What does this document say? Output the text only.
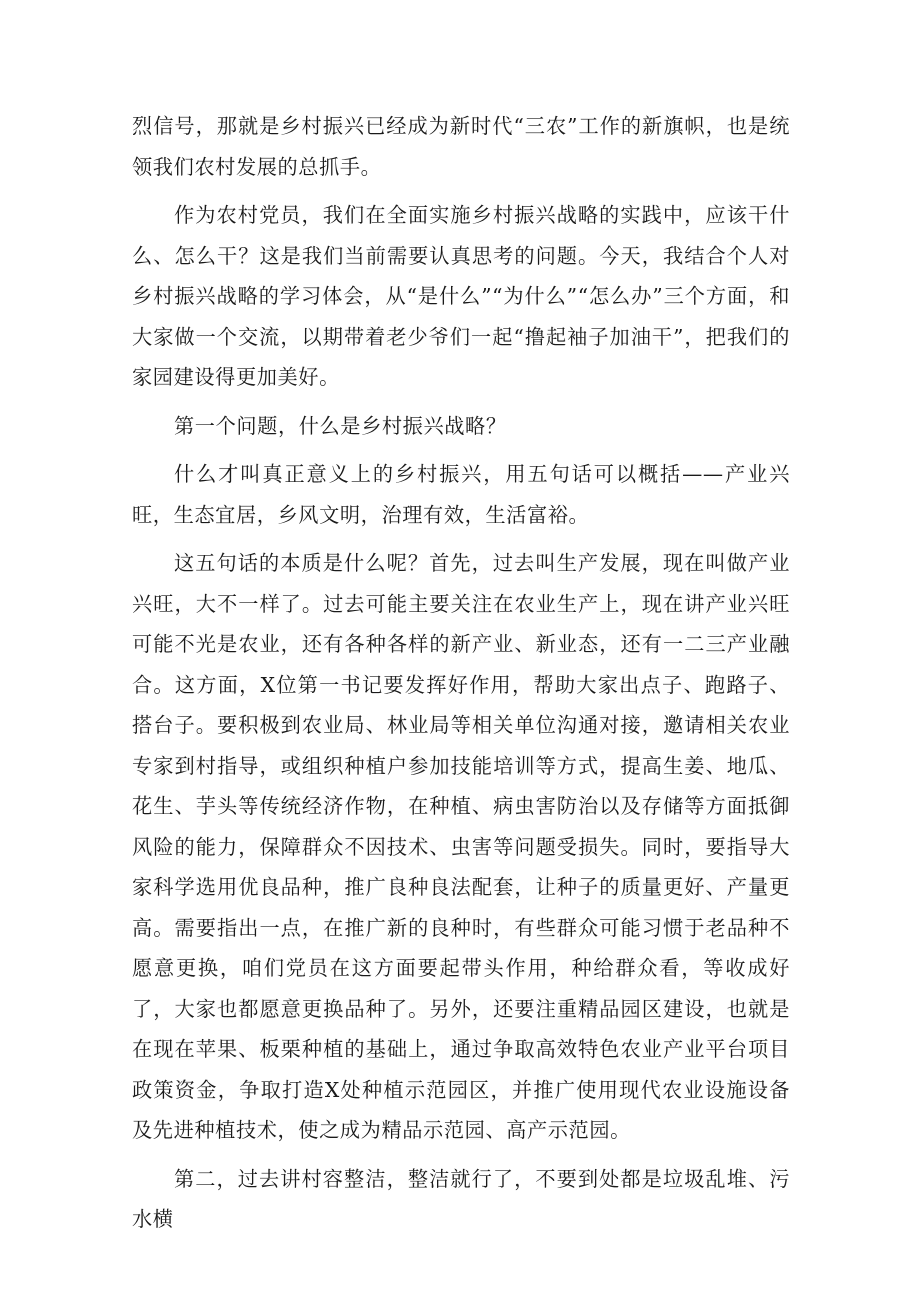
烈信号，那就是乡村振兴已经成为新时代“三农”工作的新旗帜，也是统领我们农村发展的总抓手。

作为农村党员，我们在全面实施乡村振兴战略的实践中，应该干什么、怎么干？这是我们当前需要认真思考的问题。今天，我结合个人对乡村振兴战略的学习体会，从“是什么”“为什么”“怎么办”三个方面，和大家做一个交流，以期带着老少爷们一起“撸起袖子加油干”，把我们的家园建设得更加美好。

第一个问题，什么是乡村振兴战略？

什么才叫真正意义上的乡村振兴，用五句话可以概括——产业兴旺，生态宜居，乡风文明，治理有效，生活富裕。

这五句话的本质是什么呢？首先，过去叫生产发展，现在叫做产业兴旺，大不一样了。过去可能主要关注在农业生产上，现在讲产业兴旺可能不光是农业，还有各种各样的新产业、新业态，还有一二三产业融合。这方面，X位第一书记要发挥好作用，帮助大家出点子、跑路子、搭台子。要积极到农业局、林业局等相关单位沟通对接，邀请相关农业专家到村指导，或组织种植户参加技能培训等方式，提高生姜、地瓜、花生、芋头等传统经济作物，在种植、病虫害防治以及存储等方面抵御风险的能力，保障群众不因技术、虫害等问题受损失。同时，要指导大家科学选用优良品种，推广良种良法配套，让种子的质量更好、产量更高。需要指出一点，在推广新的良种时，有些群众可能习惯于老品种不愿意更换，咱们党员在这方面要起带头作用，种给群众看，等收成好了，大家也都愿意更换品种了。另外，还要注重精品园区建设，也就是在现在苹果、板栗种植的基础上，通过争取高效特色农业产业平台项目政策资金，争取打造X处种植示范园区，并推广使用现代农业设施设备及先进种植技术，使之成为精品示范园、高产示范园。

第二，过去讲村容整洁，整洁就行了，不要到处都是垃圾乱堆、污水横
